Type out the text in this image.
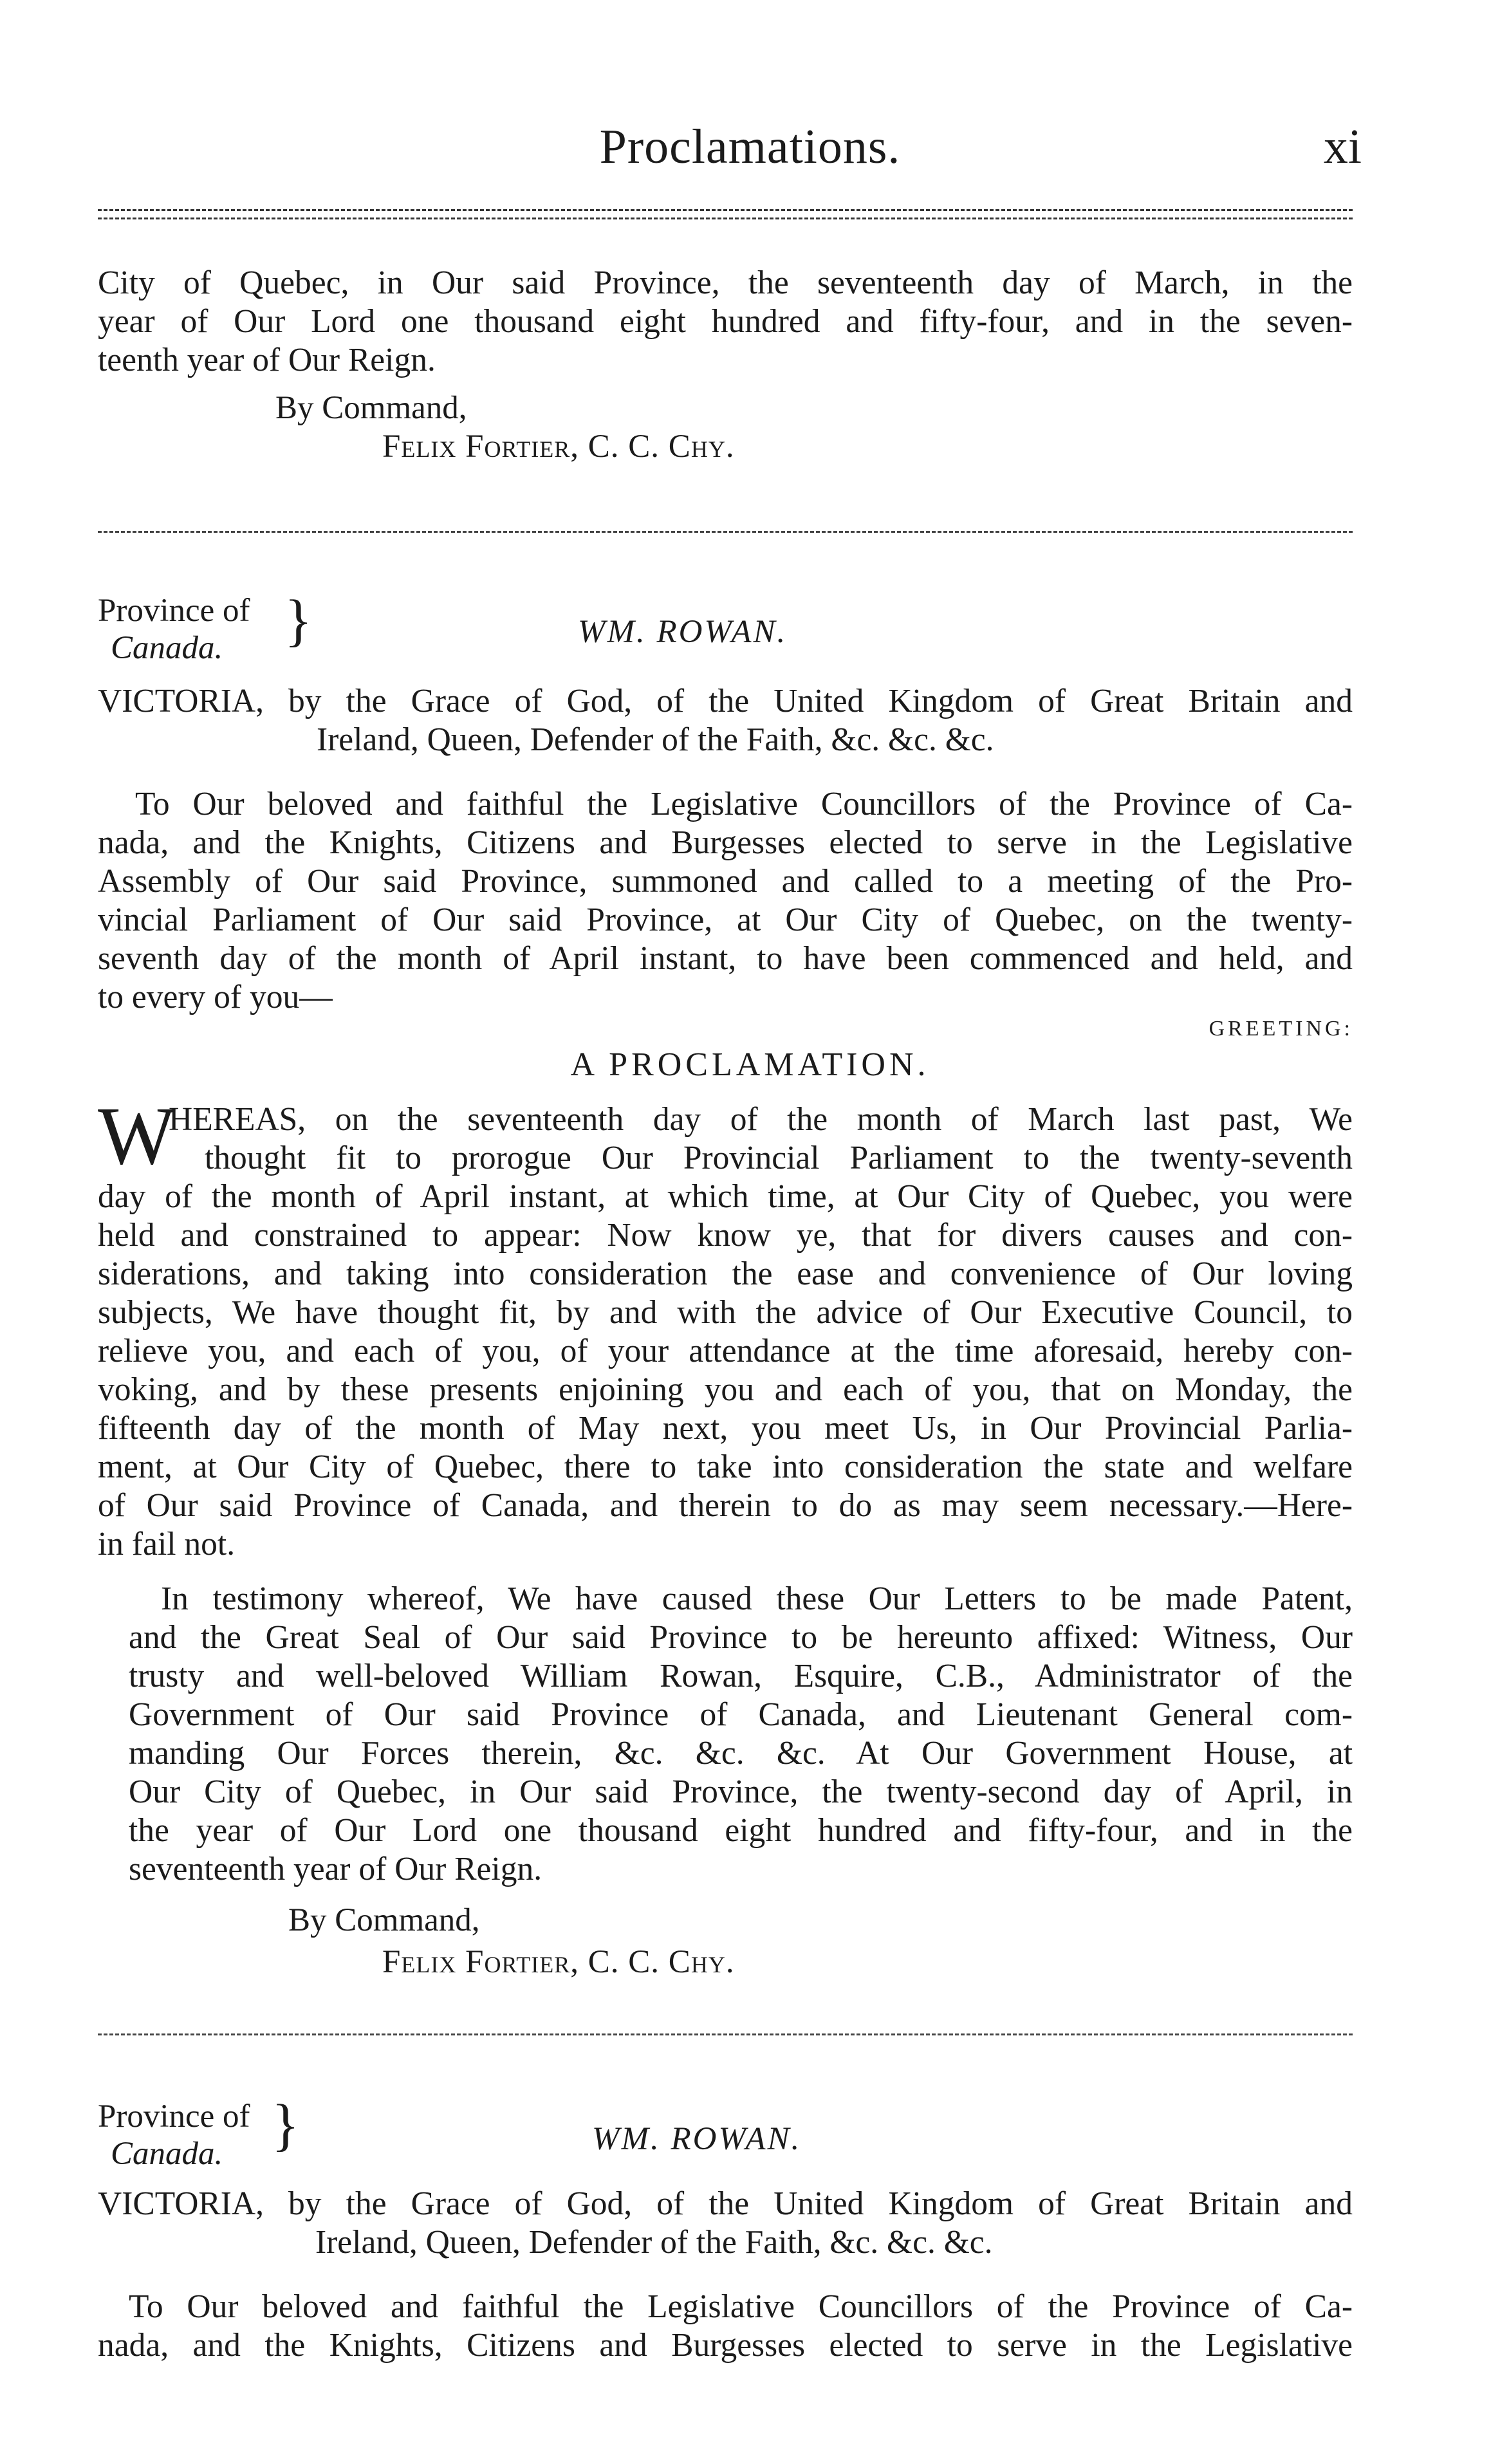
Proclamations.	xi
City of Quebec, in Our said Province, the seventeenth day of March, in the
year of Our Lord one thousand eight hundred and fifty-four, and in the seven-
teenth year of Our Reign.
By Command,
Felix Fortier, C. C. Chy.
Province of
Canada.	}	WM. ROWAN.
VICTORIA, by the Grace of God, of the United Kingdom of Great Britain and
Ireland, Queen, Defender of the Faith, &c. &c. &c.
To Our beloved and faithful the Legislative Councillors of the Province of Ca-
nada, and the Knights, Citizens and Burgesses elected to serve in the Legislative
Assembly of Our said Province, summoned and called to a meeting of the Pro-
vincial Parliament of Our said Province, at Our City of Quebec, on the twenty-
seventh day of the month of April instant, to have been commenced and held, and
to every of you—
GREETING:
A PROCLAMATION.
W
HEREAS, on the seventeenth day of the month of March last past, We
thought fit to prorogue Our Provincial Parliament to the twenty-seventh
day of the month of April instant, at which time, at Our City of Quebec, you were
held and constrained to appear: Now know ye, that for divers causes and con-
siderations, and taking into consideration the ease and convenience of Our loving
subjects, We have thought fit, by and with the advice of Our Executive Council, to
relieve you, and each of you, of your attendance at the time aforesaid, hereby con-
voking, and by these presents enjoining you and each of you, that on Monday, the
fifteenth day of the month of May next, you meet Us, in Our Provincial Parlia-
ment, at Our City of Quebec, there to take into consideration the state and welfare
of Our said Province of Canada, and therein to do as may seem necessary.—Here-
in fail not.
In testimony whereof, We have caused these Our Letters to be made Patent,
and the Great Seal of Our said Province to be hereunto affixed: Witness, Our
trusty and well-beloved William Rowan, Esquire, C.B., Administrator of the
Government of Our said Province of Canada, and Lieutenant General com-
manding Our Forces therein, &c. &c. &c. At Our Government House, at
Our City of Quebec, in Our said Province, the twenty-second day of April, in
the year of Our Lord one thousand eight hundred and fifty-four, and in the
seventeenth year of Our Reign.
By Command,
Felix Fortier, C. C. Chy.
Province of
Canada. }	WM. ROWAN.
VICTORIA, by the Grace of God, of the United Kingdom of Great Britain and
Ireland, Queen, Defender of the Faith, &c. &c. &c.
To Our beloved and faithful the Legislative Councillors of the Province of Ca-
nada, and the Knights, Citizens and Burgesses elected to serve in the Legislative
